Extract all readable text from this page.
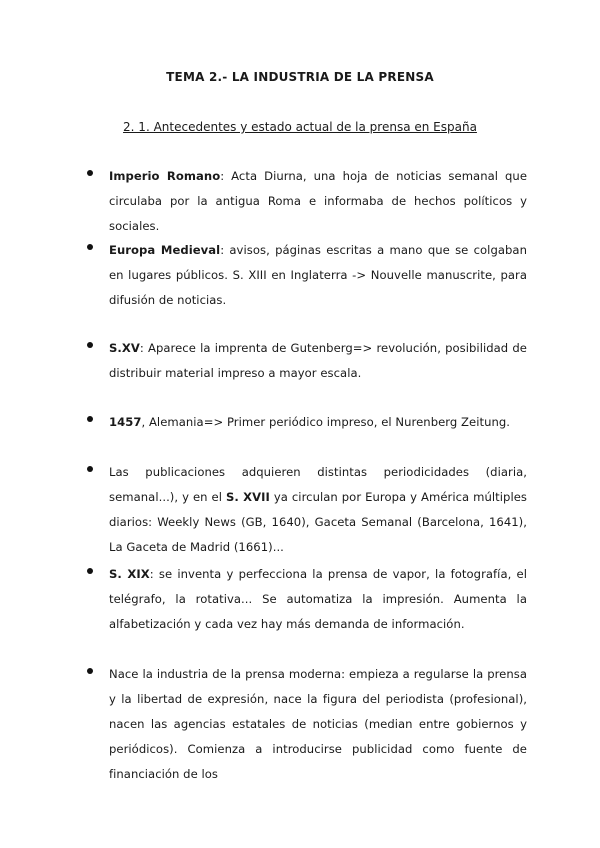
TEMA 2.- LA INDUSTRIA DE LA PRENSA
2. 1. Antecedentes y estado actual de la prensa en España
Imperio Romano: Acta Diurna, una hoja de noticias semanal que circulaba por la antigua Roma e informaba de hechos políticos y sociales.
Europa Medieval: avisos, páginas escritas a mano que se colgaban en lugares públicos. S. XIII en Inglaterra -> Nouvelle manuscrite, para difusión de noticias.
S.XV: Aparece la imprenta de Gutenberg=> revolución, posibilidad de distribuir material impreso a mayor escala.
1457, Alemania=> Primer periódico impreso, el Nurenberg Zeitung.
Las publicaciones adquieren distintas periodicidades (diaria, semanal...), y en el S. XVII ya circulan por Europa y América múltiples diarios: Weekly News (GB, 1640), Gaceta Semanal (Barcelona, 1641), La Gaceta de Madrid (1661)...
S. XIX: se inventa y perfecciona la prensa de vapor, la fotografía, el telégrafo, la rotativa... Se automatiza la impresión. Aumenta la alfabetización y cada vez hay más demanda de información.
Nace la industria de la prensa moderna: empieza a regularse la prensa y la libertad de expresión, nace la figura del periodista (profesional), nacen las agencias estatales de noticias (median entre gobiernos y periódicos). Comienza a introducirse publicidad como fuente de financiación de los
